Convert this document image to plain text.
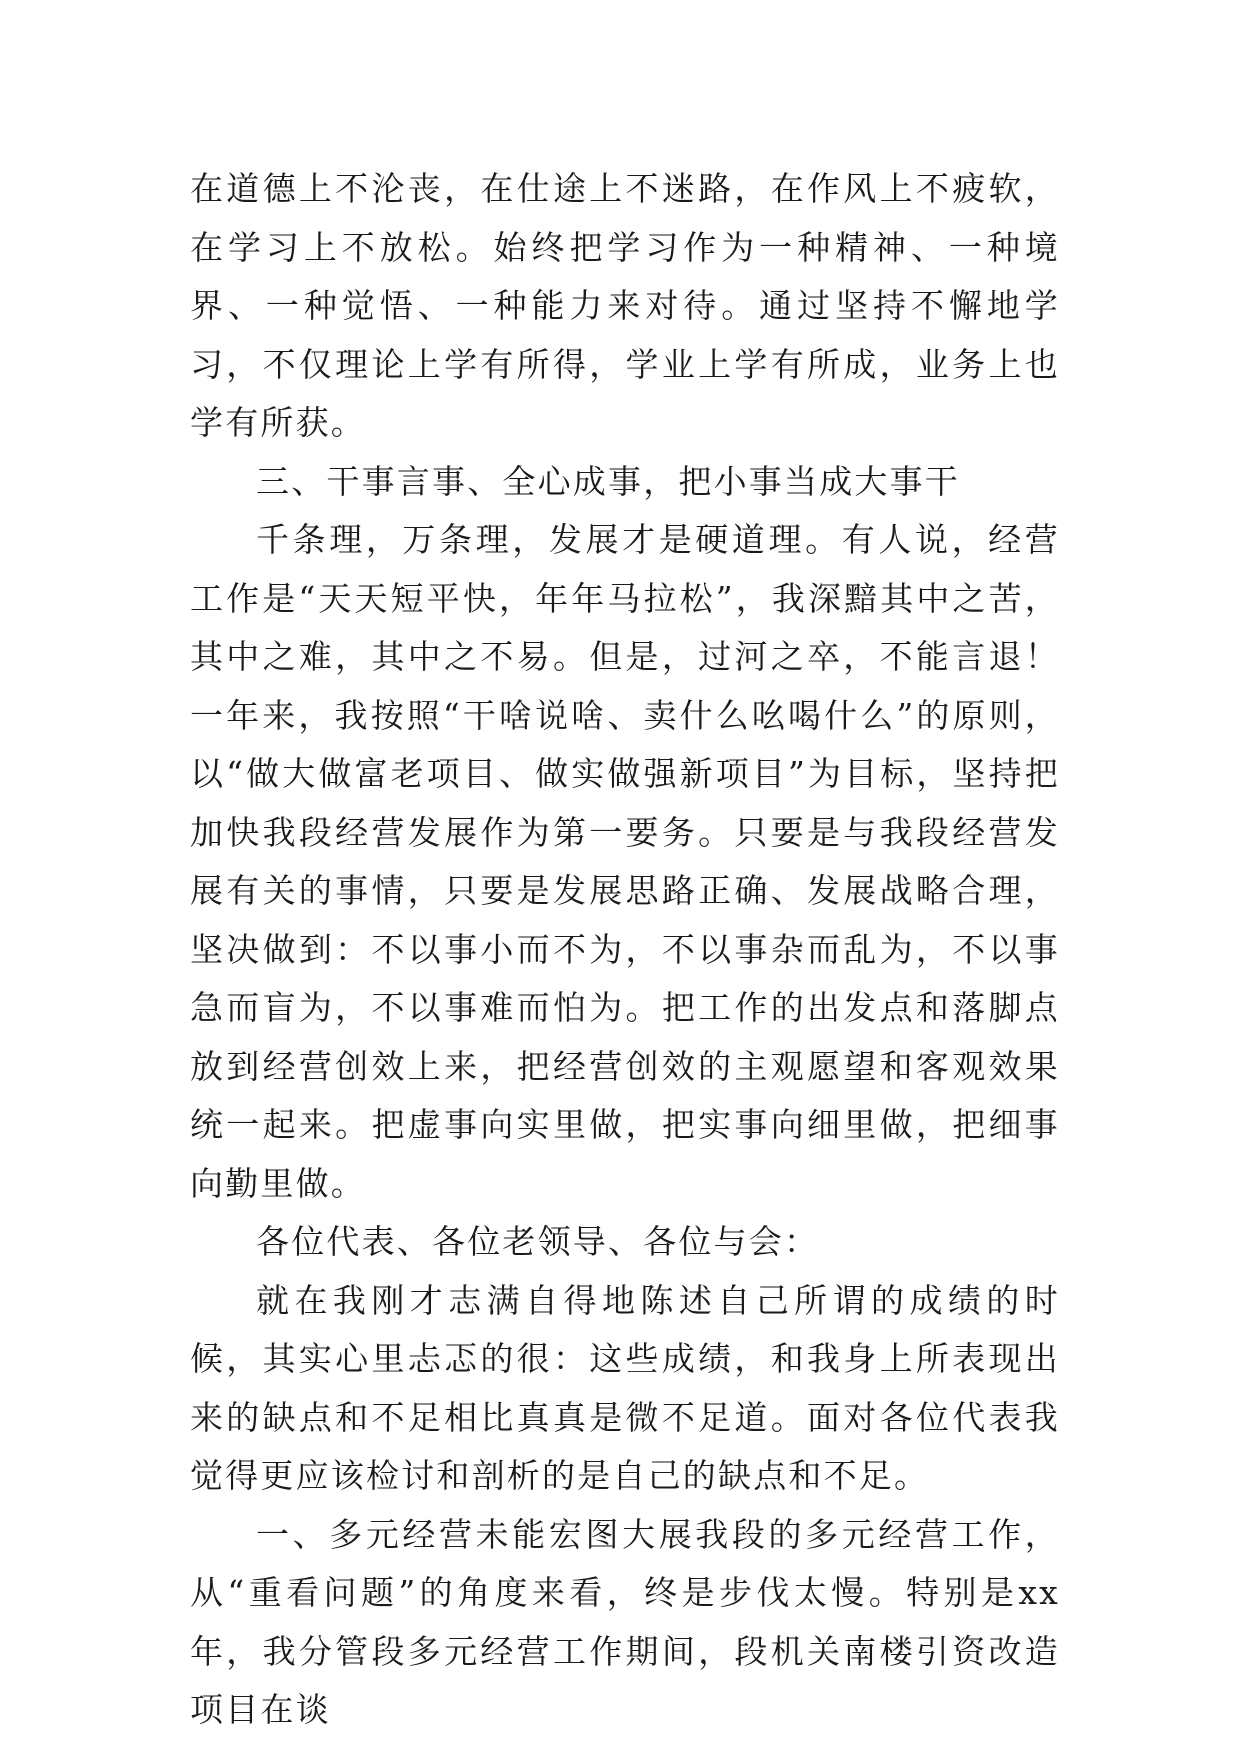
在道德上不沦丧，在仕途上不迷路，在作风上不疲软，在学习上不放松。始终把学习作为一种精神、一种境界、一种觉悟、一种能力来对待。通过坚持不懈地学习，不仅理论上学有所得，学业上学有所成，业务上也学有所获。

三、干事言事、全心成事，把小事当成大事干

千条理，万条理，发展才是硬道理。有人说，经营工作是“天天短平快，年年马拉松”，我深黯其中之苦，其中之难，其中之不易。但是，过河之卒，不能言退！一年来，我按照“干啥说啥、卖什么吆喝什么”的原则，以“做大做富老项目、做实做强新项目”为目标，坚持把加快我段经营发展作为第一要务。只要是与我段经营发展有关的事情，只要是发展思路正确、发展战略合理，坚决做到：不以事小而不为，不以事杂而乱为，不以事急而盲为，不以事难而怕为。把工作的出发点和落脚点放到经营创效上来，把经营创效的主观愿望和客观效果统一起来。把虚事向实里做，把实事向细里做，把细事向勤里做。

各位代表、各位老领导、各位与会：

就在我刚才志满自得地陈述自己所谓的成绩的时候，其实心里忐忑的很：这些成绩，和我身上所表现出来的缺点和不足相比真真是微不足道。面对各位代表我觉得更应该检讨和剖析的是自己的缺点和不足。

一、多元经营未能宏图大展我段的多元经营工作，从“重看问题”的角度来看，终是步伐太慢。特别是xx年，我分管段多元经营工作期间，段机关南楼引资改造项目在谈
